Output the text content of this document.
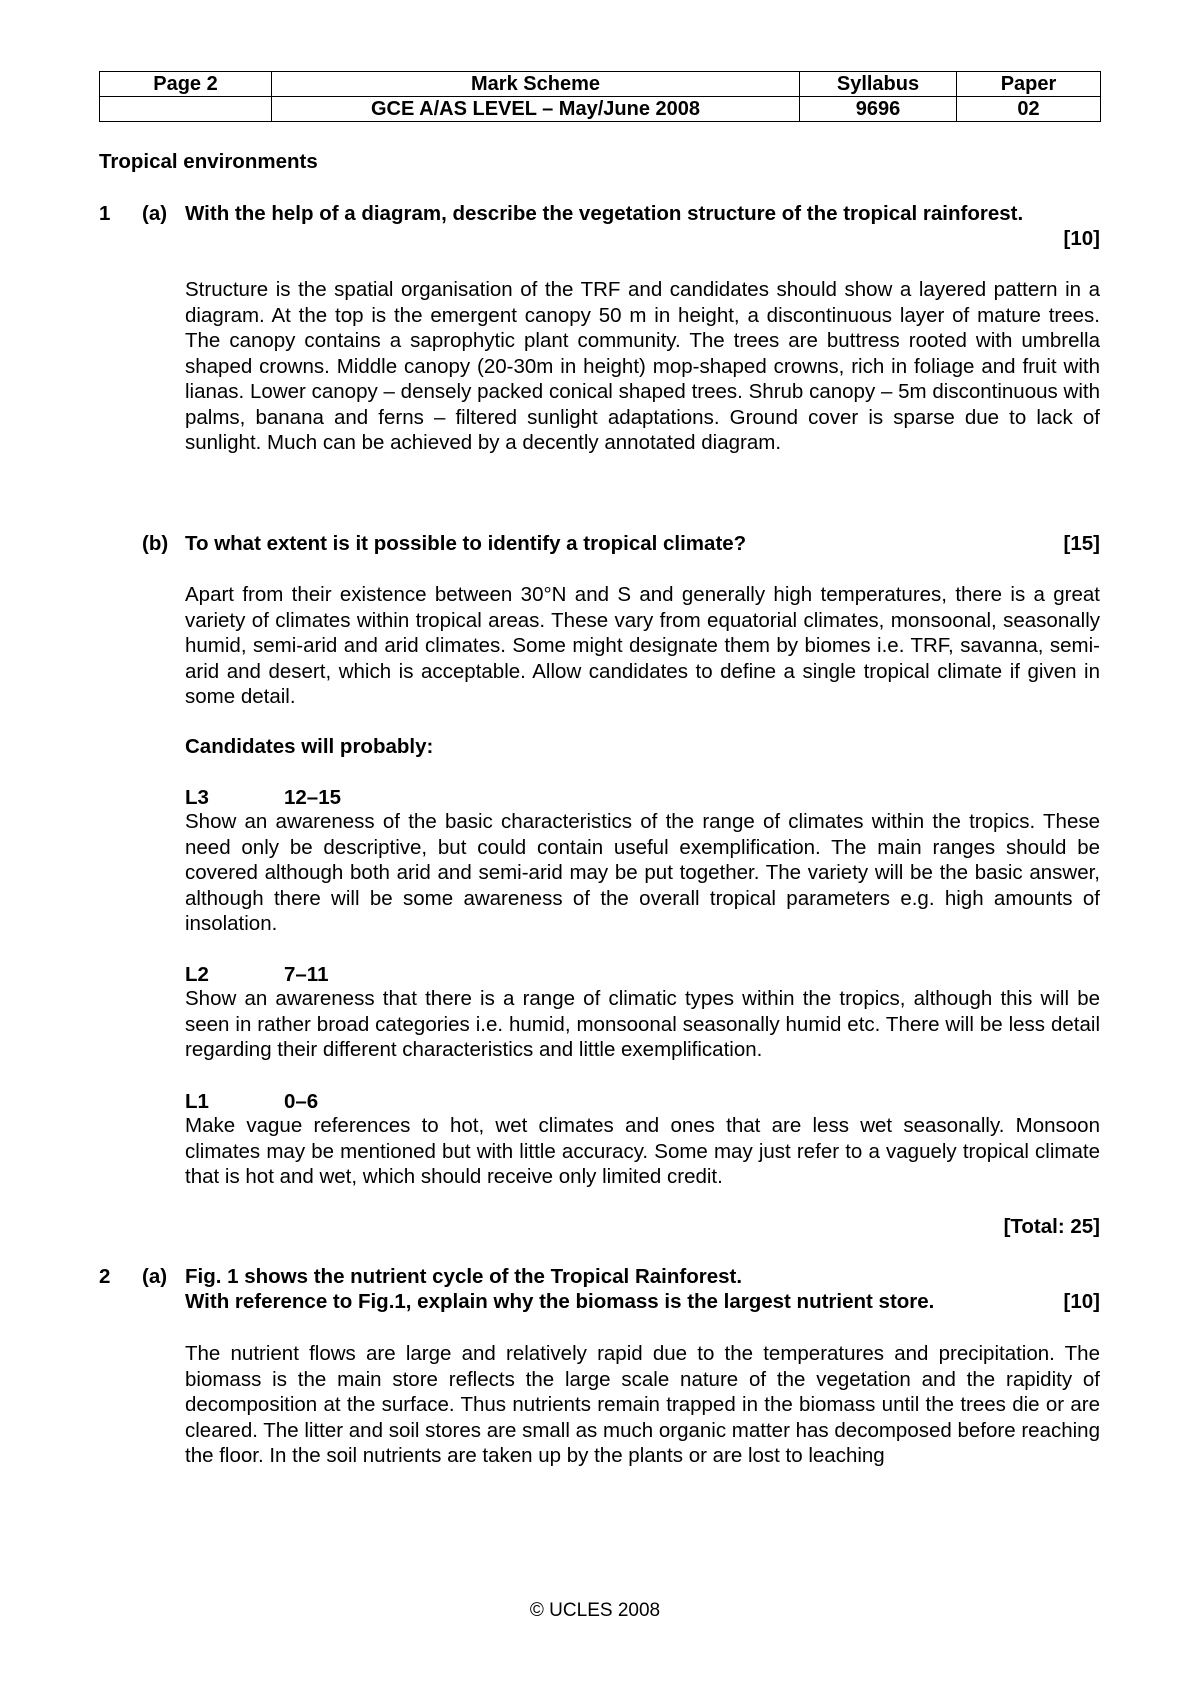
Page 2	Mark Scheme	Syllabus	Paper
	GCE A/AS LEVEL – May/June 2008	9696	02
Tropical environments
1 (a) With the help of a diagram, describe the vegetation structure of the tropical rainforest.
[10]
Structure is the spatial organisation of the TRF and candidates should show a layered pattern in a diagram. At the top is the emergent canopy 50 m in height, a discontinuous layer of mature trees. The canopy contains a saprophytic plant community. The trees are buttress rooted with umbrella shaped crowns. Middle canopy (20-30m in height) mop-shaped crowns, rich in foliage and fruit with lianas. Lower canopy – densely packed conical shaped trees. Shrub canopy – 5m discontinuous with palms, banana and ferns – filtered sunlight adaptations. Ground cover is sparse due to lack of sunlight. Much can be achieved by a decently annotated diagram.
(b) To what extent is it possible to identify a tropical climate?	[15]
Apart from their existence between 30°N and S and generally high temperatures, there is a great variety of climates within tropical areas. These vary from equatorial climates, monsoonal, seasonally humid, semi-arid and arid climates. Some might designate them by biomes i.e. TRF, savanna, semi-arid and desert, which is acceptable. Allow candidates to define a single tropical climate if given in some detail.
Candidates will probably:
L3	12–15
Show an awareness of the basic characteristics of the range of climates within the tropics. These need only be descriptive, but could contain useful exemplification. The main ranges should be covered although both arid and semi-arid may be put together. The variety will be the basic answer, although there will be some awareness of the overall tropical parameters e.g. high amounts of insolation.
L2	7–11
Show an awareness that there is a range of climatic types within the tropics, although this will be seen in rather broad categories i.e. humid, monsoonal seasonally humid etc. There will be less detail regarding their different characteristics and little exemplification.
L1	0–6
Make vague references to hot, wet climates and ones that are less wet seasonally. Monsoon climates may be mentioned but with little accuracy. Some may just refer to a vaguely tropical climate that is hot and wet, which should receive only limited credit.
[Total: 25]
2 (a) Fig. 1 shows the nutrient cycle of the Tropical Rainforest.
With reference to Fig.1, explain why the biomass is the largest nutrient store.	[10]
The nutrient flows are large and relatively rapid due to the temperatures and precipitation. The biomass is the main store reflects the large scale nature of the vegetation and the rapidity of decomposition at the surface. Thus nutrients remain trapped in the biomass until the trees die or are cleared. The litter and soil stores are small as much organic matter has decomposed before reaching the floor. In the soil nutrients are taken up by the plants or are lost to leaching
© UCLES 2008
